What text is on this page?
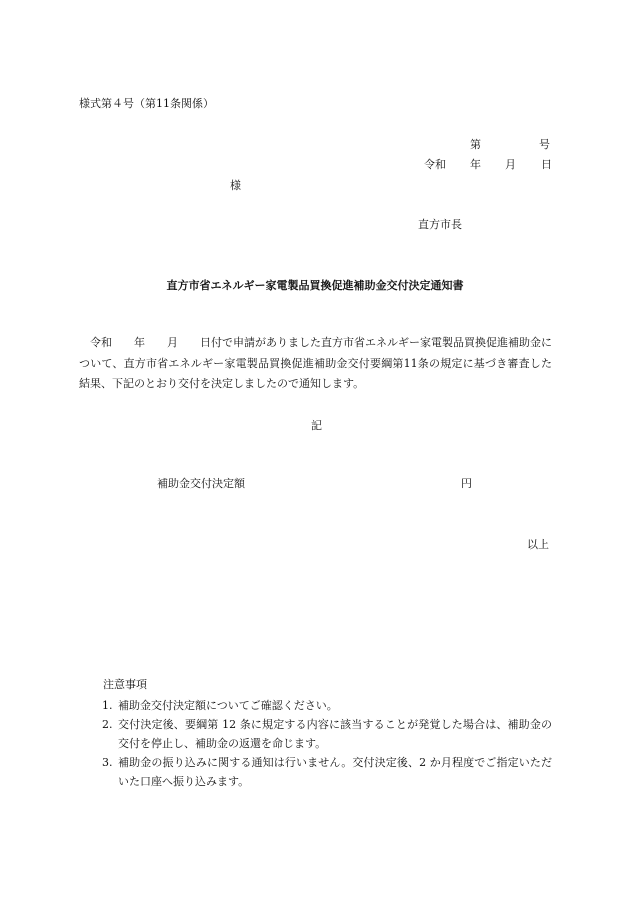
様式第４号（第11条関係）
第	号
令和 年 月 日
様
直方市長
直方市省エネルギー家電製品買換促進補助金交付決定通知書
令和　　年　　月　　日付で申請がありました直方市省エネルギー家電製品買換促進補助金について、直方市省エネルギー家電製品買換促進補助金交付要綱第11条の規定に基づき審査した結果、下記のとおり交付を決定しましたので通知します。
記
補助金交付決定額	円
以上
注意事項
1. 補助金交付決定額についてご確認ください。
2. 交付決定後、要綱第 12 条に規定する内容に該当することが発覚した場合は、補助金の交付を停止し、補助金の返還を命じます。
3. 補助金の振り込みに関する通知は行いません。交付決定後、2 か月程度でご指定いただいた口座へ振り込みます。
